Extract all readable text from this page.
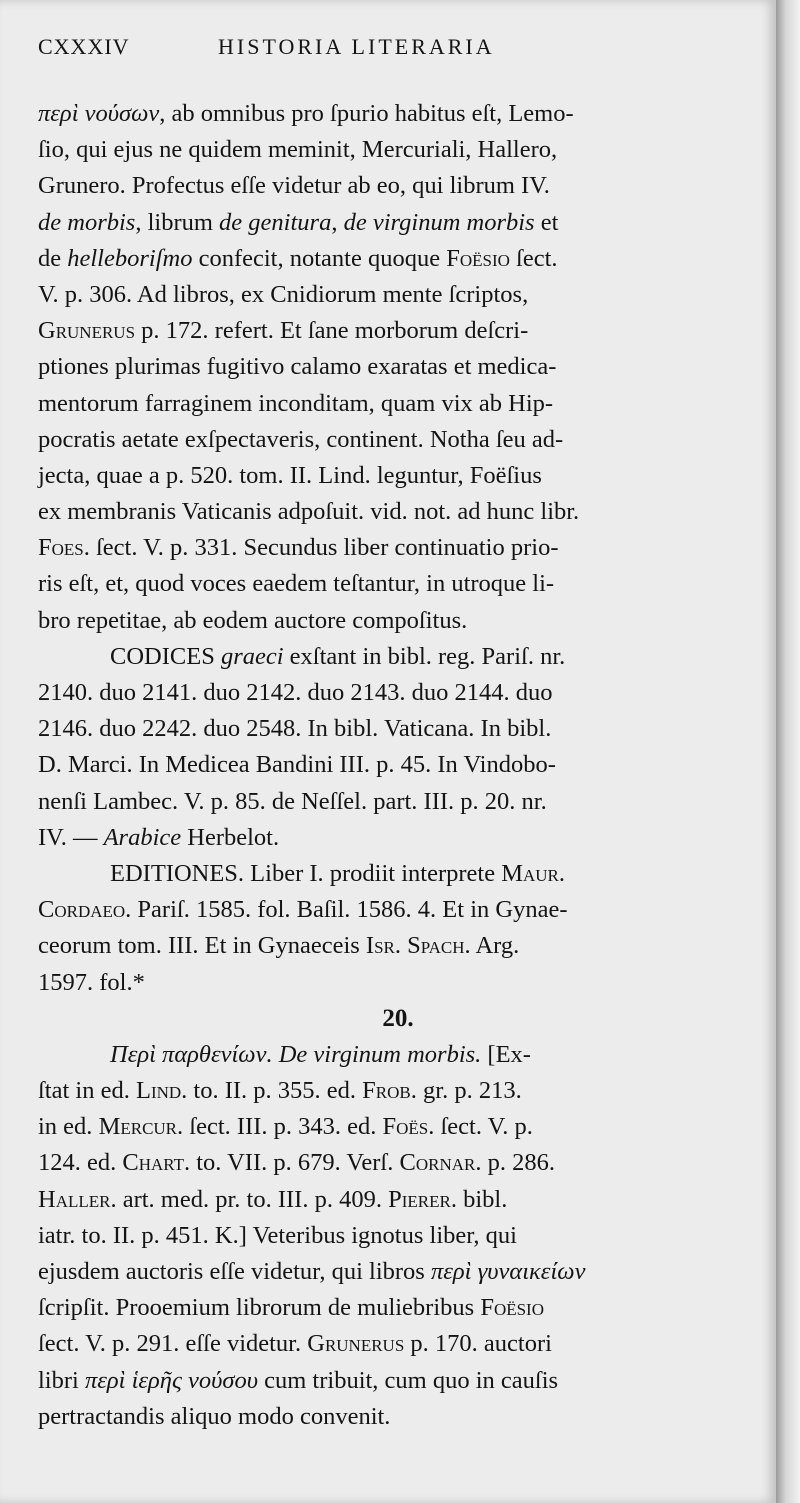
CXXXIV	HISTORIA LITERARIA
περὶ νούσων, ab omnibus pro ſpurio habitus eſt, Lemo-
ſio, qui ejus ne quidem meminit, Mercuriali, Hallero,
Grunero. Profectus eſſe videtur ab eo, qui librum IV.
de morbis, librum de genitura, de virginum morbis et
de helleboriſmo confecit, notante quoque Foësio ſect.
V. p. 306. Ad libros, ex Cnidiorum mente ſcriptos,
Grunerus p. 172. refert. Et ſane morborum deſcri-
ptiones plurimas fugitivo calamo exaratas et medica-
mentorum farraginem inconditam, quam vix ab Hip-
pocratis aetate exſpectaveris, continent. Notha ſeu ad-
jecta, quae a p. 520. tom. II. Lind. leguntur, Foëſius
ex membranis Vaticanis adpoſuit. vid. not. ad hunc libr.
Foes. ſect. V. p. 331. Secundus liber continuatio prio-
ris eſt, et, quod voces eaedem teſtantur, in utroque li-
bro repetitae, ab eodem auctore compoſitus.
CODICES graeci exſtant in bibl. reg. Pariſ. nr.
2140. duo 2141. duo 2142. duo 2143. duo 2144. duo
2146. duo 2242. duo 2548. In bibl. Vaticana. In bibl.
D. Marci. In Medicea Bandini III. p. 45. In Vindobo-
nenſi Lambec. V. p. 85. de Neſſel. part. III. p. 20. nr.
IV. — Arabice Herbelot.
EDITIONES. Liber I. prodiit interprete Maur.
Cordaeo. Pariſ. 1585. fol. Baſil. 1586. 4. Et in Gynae-
ceorum tom. III. Et in Gynaeceis Isr. Spach. Arg.
1597. fol.*
20.
Περὶ παρθενίων. De virginum morbis. [Ex-
ſtat in ed. Lind. to. II. p. 355. ed. Frob. gr. p. 213.
in ed. Mercur. ſect. III. p. 343. ed. Foës. ſect. V. p.
124. ed. Chart. to. VII. p. 679. Verſ. Cornar. p. 286.
Haller. art. med. pr. to. III. p. 409. Pierer. bibl.
iatr. to. II. p. 451. K.] Veteribus ignotus liber, qui
ejusdem auctoris eſſe videtur, qui libros περὶ γυναικείων
ſcripſit. Prooemium librorum de muliebribus Foësio
ſect. V. p. 291. eſſe videtur. Grunerus p. 170. auctori
libri περὶ ἱερῆς νούσου cum tribuit, cum quo in cauſis
pertractandis aliquo modo convenit.
